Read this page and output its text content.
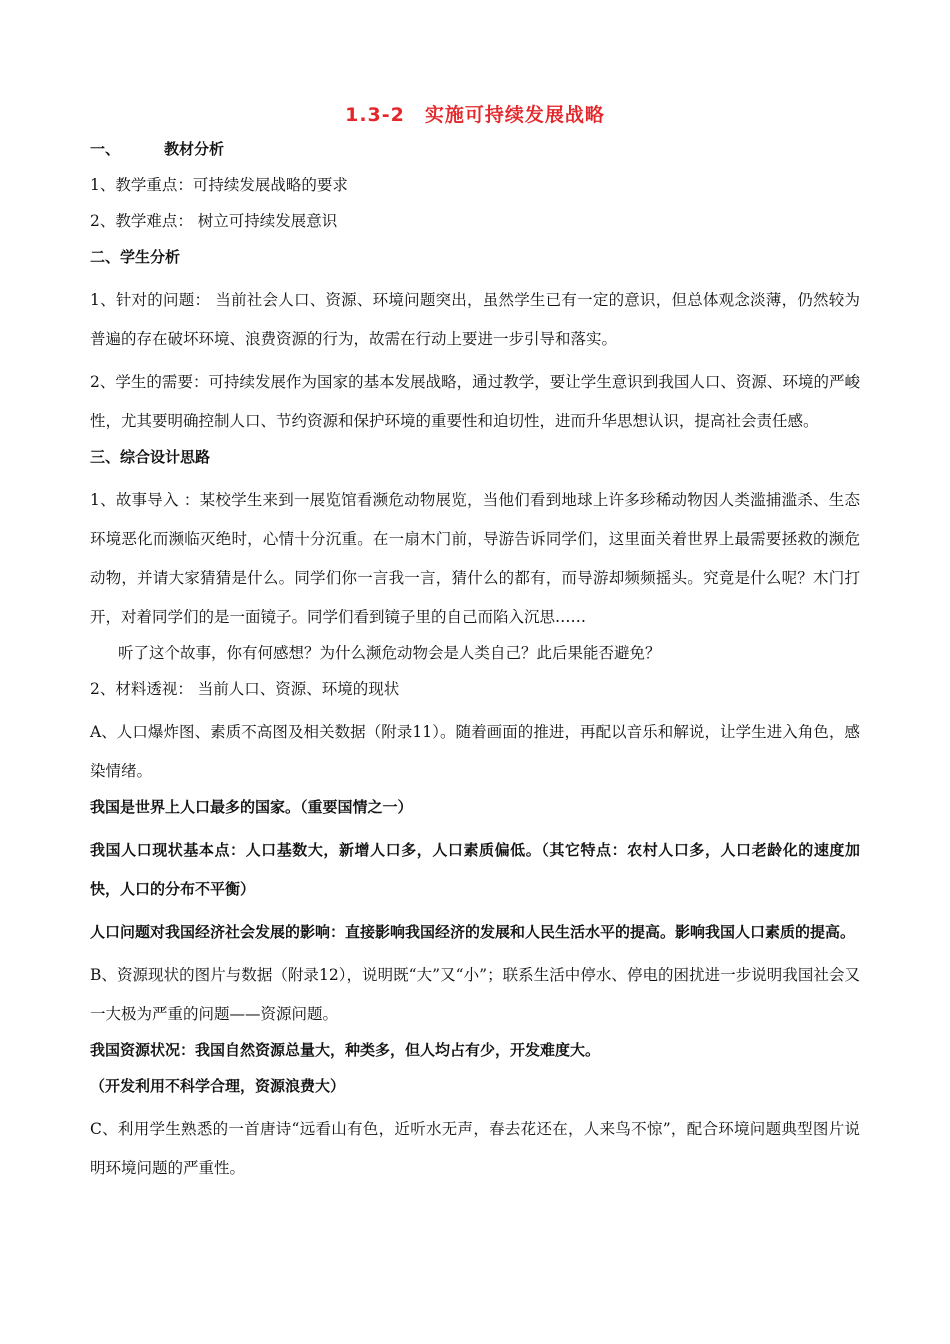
1.3-2　实施可持续发展战略
一、	教材分析
1、教学重点：可持续发展战略的要求
2、教学难点： 树立可持续发展意识
二、学生分析
1、针对的问题： 当前社会人口、资源、环境问题突出，虽然学生已有一定的意识，但总体观念淡薄，仍然较为普遍的存在破坏环境、浪费资源的行为，故需在行动上要进一步引导和落实。
2、学生的需要：可持续发展作为国家的基本发展战略，通过教学，要让学生意识到我国人口、资源、环境的严峻性，尤其要明确控制人口、节约资源和保护环境的重要性和迫切性，进而升华思想认识，提高社会责任感。
三、综合设计思路
1、故事导入 ：某校学生来到一展览馆看濒危动物展览，当他们看到地球上许多珍稀动物因人类滥捕滥杀、生态环境恶化而濒临灭绝时，心情十分沉重。在一扇木门前，导游告诉同学们，这里面关着世界上最需要拯救的濒危动物，并请大家猜猜是什么。同学们你一言我一言，猜什么的都有，而导游却频频摇头。究竟是什么呢？木门打开，对着同学们的是一面镜子。同学们看到镜子里的自己而陷入沉思……
听了这个故事，你有何感想？为什么濒危动物会是人类自己？此后果能否避免？
2、材料透视： 当前人口、资源、环境的现状
A、人口爆炸图、素质不高图及相关数据（附录11）。随着画面的推进，再配以音乐和解说，让学生进入角色，感染情绪。
我国是世界上人口最多的国家。（重要国情之一）
我国人口现状基本点：人口基数大，新增人口多，人口素质偏低。（其它特点：农村人口多，人口老龄化的速度加快，人口的分布不平衡）
人口问题对我国经济社会发展的影响：直接影响我国经济的发展和人民生活水平的提高。影响我国人口素质的提高。
B、资源现状的图片与数据（附录12），说明既“大”又“小”；联系生活中停水、停电的困扰进一步说明我国社会又一大极为严重的问题——资源问题。
我国资源状况：我国自然资源总量大，种类多，但人均占有少，开发难度大。
（开发利用不科学合理，资源浪费大）
C、利用学生熟悉的一首唐诗“远看山有色，近听水无声，春去花还在，人来鸟不惊”，配合环境问题典型图片说明环境问题的严重性。
